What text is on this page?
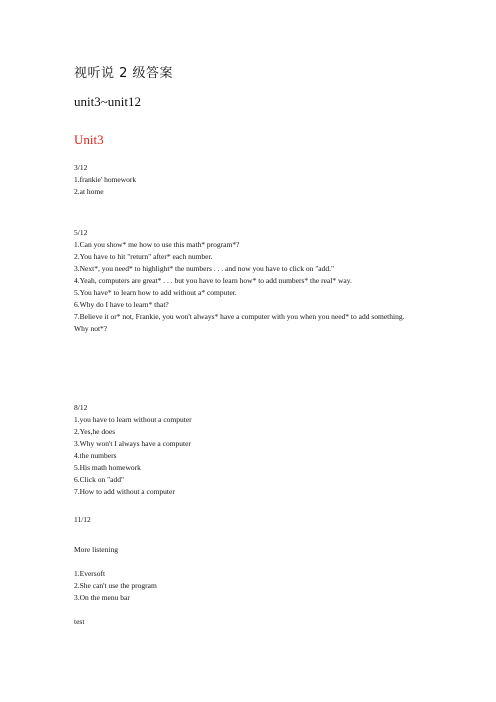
视听说 2 级答案
unit3~unit12
Unit3
3/12
1.frankie' homework
2.at home
5/12
1.Can you show* me how to use this math* program*?
2.You have to hit "return" after* each number.
3.Next*, you need* to highlight* the numbers . . . and now you have to click on "add."
4.Yeah, computers are great* . . . but you have to learn how* to add numbers* the real* way.
5.You have* to learn how to add without a* computer.
6.Why do I have to learn* that?
7.Believe it or* not, Frankie, you won't always* have a computer with you when you need* to add something.
Why not*?
8/12
1.you have to learn without a computer
2.Yes,he does
3.Why won't I always have a computer
4.the numbers
5.His math homework
6.Click on "add"
7.How to add without a computer
11/12
More listening

1.Eversoft
2.She can't use the program
3.On the menu bar
test
